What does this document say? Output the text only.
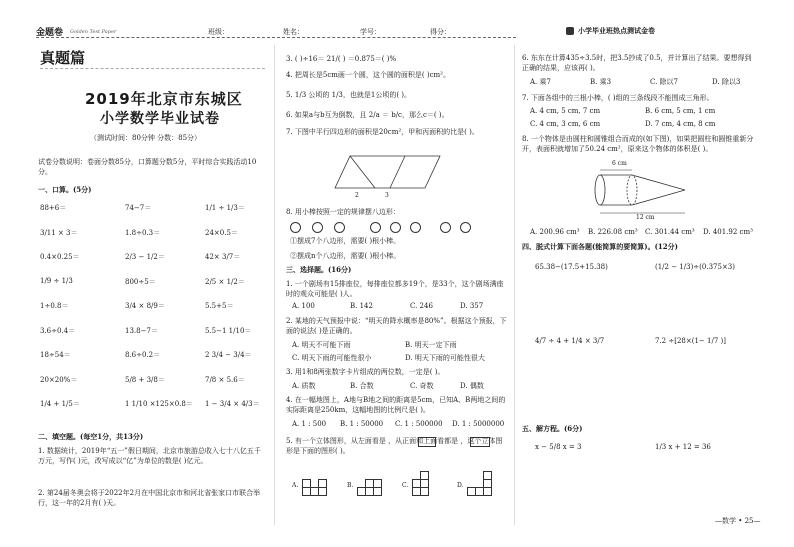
金题卷 Golden Test Paper	班级：	姓名：	学号：	得分：	小学毕业班热点测试金卷
真题篇
2019年北京市东城区
小学数学毕业试卷
（测试时间：80分钟 分数：85分）
试卷分数说明：卷面分数85分，口算题分数5分，平时综合实践活动10分。
一、口算。(5分)
88+6＝	74−7＝	1/1 ÷ 1/3＝
3/11 × 3＝	1.8÷0.3＝	24×0.5＝
0.4×0.25＝	2/3 − 1/2＝	42× 3/7＝
1/9 ÷ 1/3	800÷5＝	2/5 × 1/2＝
1÷0.8＝	3/4 × 8/9＝	5.5+5＝
3.6÷0.4＝	13.8−7＝	5.5−1 1/10＝
18÷54＝	8.6÷0.2＝	2 3/4 − 3/4＝
20×20%＝	5/8 + 3/8＝	7/8 × 5.6＝
1/4 + 1/5＝	1 1/10 ×125×0.8＝ 1 − 3/4 × 4/3＝
二、填空题。(每空1分，共13分)
1. 数据统计，2019年“五一”假日期间，北京市旅游总收入七十八亿五千万元，写作( )元，改写成以“亿”为单位的数是( )亿元。
2. 第24届冬奥会将于2022年2月在中国北京市和河北省张家口市联合举行，这一年的2月有( )天。
3. ( )÷16＝ 21/( ) ＝0.875＝( )%
4. 把周长是5cm画一个圆，这个圆的面积是( )cm²。
5. 1/3 公顷的 1/3，也就是1公顷的( )。
6. 如果a与b互为倒数，且 2/a ＝ b/c，那么c＝( )。
7. 下图中平行四边形的面积是20cm²，甲和丙面积的比是( )。
2	3
8. 用小棒按照一定的规律摆八边形：
①摆成7个八边形，需要( )根小棒。
②摆成n个八边形，需要( )根小棒。
三、选择题。(16分)
1. 一个剧场有15排座位，每排座位都多19个，是33个，这个剧场满座时的观众可能是( )人。
A. 100	B. 142	C. 246	D. 357
2. 某地的天气预报中说：“明天的降水概率是80%”。根据这个预报，下面的说法( )是正确的。
A. 明天不可能下雨	B. 明天一定下雨
C. 明天下雨的可能性很小	D. 明天下雨的可能性很大
3. 用1和8两张数字卡片组成的两位数，一定是( )。
A. 质数	B. 合数	C. 奇数	D. 偶数
4. 在一幅地图上，A地与B地之间的距离是5cm，已知A、B两地之间的实际距离是250km，这幅地图的比例尺是( )。
A. 1 : 500 B. 1 : 50000 C. 1 : 500000 D. 1 : 5000000
5. 有一个立体图形，从左面看是 ，从正面和上面看都是 ，这个立体图形是下面的图形( )。
A.	B.	C.	D.
6. 东东在计算435÷3.5时，把3.5抄成了0.5，并计算出了结果。要想得到正确的结果，应该再( )。
A. 乘7	B. 乘3	C. 除以7	D. 除以3
7. 下面各组中的三根小棒，( )组的三条线段不能围成三角形。
A. 4 cm, 5 cm, 7 cm	B. 6 cm, 5 cm, 1 cm
C. 4 cm, 3 cm, 6 cm	D. 7 cm, 4 cm, 8 cm
8. 一个物体是由圆柱和圆锥组合而成的(如下图)，如果把圆柱和圆锥重新分开，表面积就增加了50.24 cm²，原来这个物体的体积是( )。
6 cm
12 cm
A. 200.96 cm³ B. 226.08 cm³ C. 301.44 cm³ D. 401.92 cm³
四、脱式计算下面各题(能简算的要简算)。(12分)
65.38−(17.5+15.38)	(1/2 − 1/3)÷(0.375×3)
4/7 ÷ 4 + 1/4 × 3/7	7.2 ÷[28×(1− 1/7 )]
五、解方程。(6分)
x − 5/8 x = 3	1/3 x + 12 = 36
—数学 • 25—
